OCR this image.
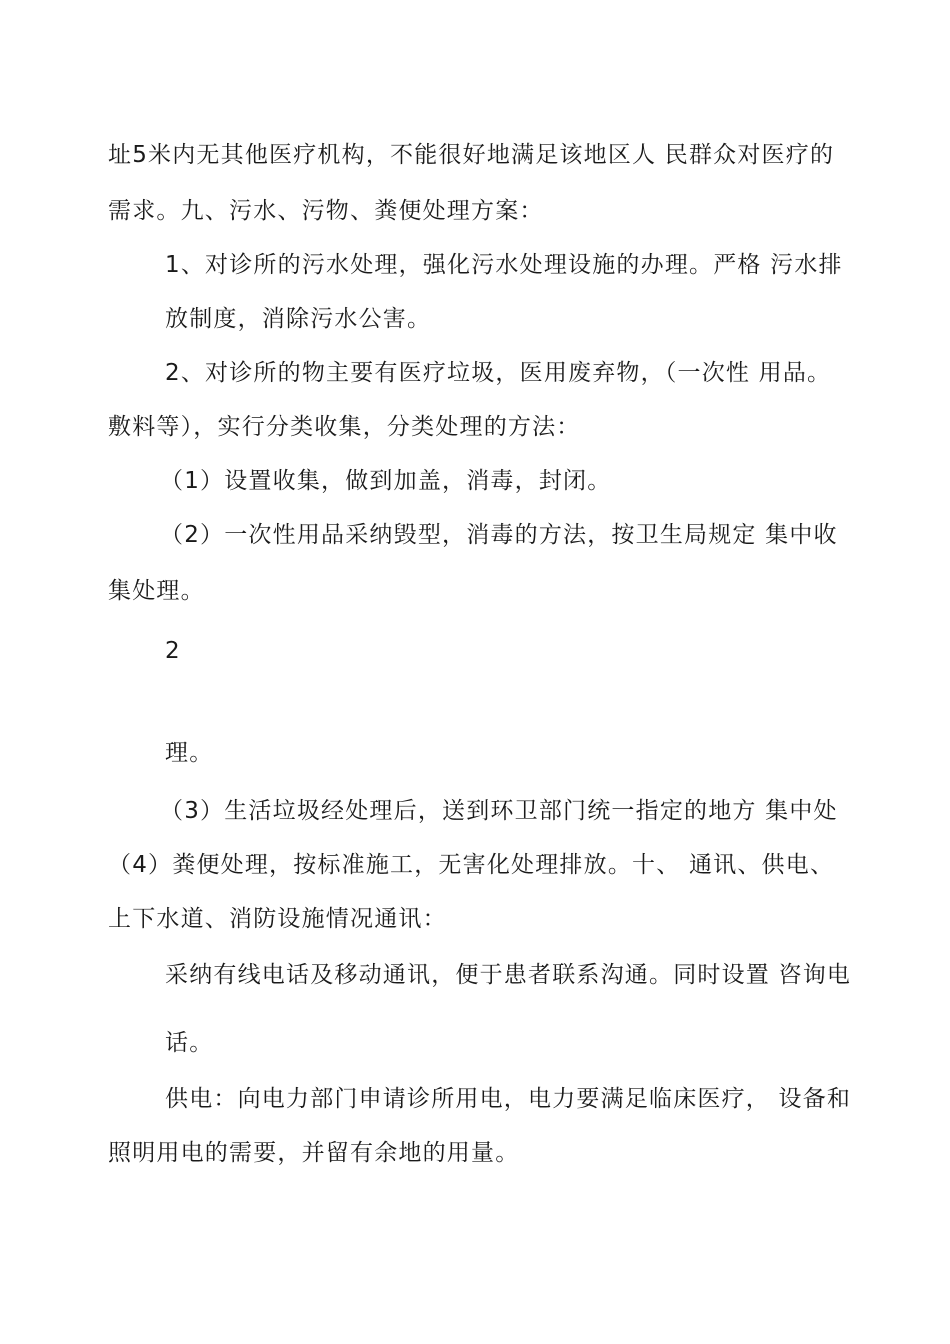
址5米内无其他医疗机构，不能很好地满足该地区人 民群众对医疗的
需求。九、污水、污物、粪便处理方案：
1、对诊所的污水处理，强化污水处理设施的办理。严格 污水排
放制度，消除污水公害。
2、对诊所的物主要有医疗垃圾，医用废弃物，（一次性 用品。
敷料等），实行分类收集，分类处理的方法：
（1）设置收集，做到加盖，消毒，封闭。
（2）一次性用品采纳毁型，消毒的方法，按卫生局规定 集中收
集处理。
2
理。
（3）生活垃圾经处理后，送到环卫部门统一指定的地方 集中处
（4）粪便处理，按标准施工，无害化处理排放。十、 通讯、供电、
上下水道、消防设施情况通讯：
采纳有线电话及移动通讯，便于患者联系沟通。同时设置 咨询电
话。
供电：向电力部门申请诊所用电，电力要满足临床医疗， 设备和
照明用电的需要，并留有余地的用量。
